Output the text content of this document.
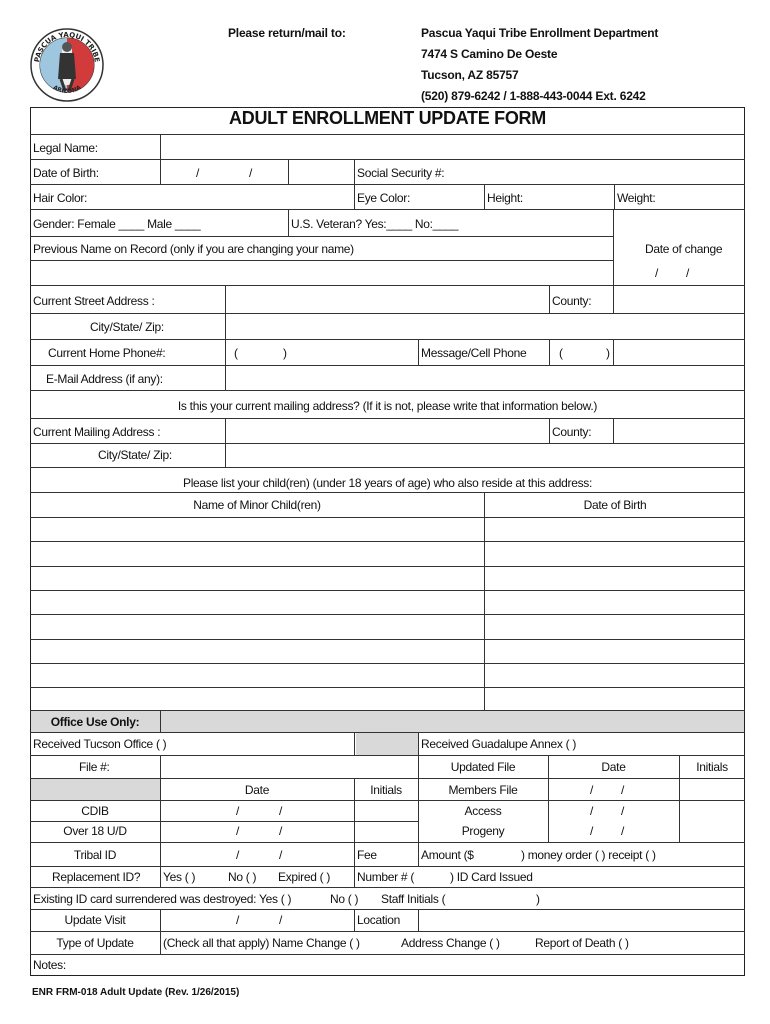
PASCUA YAQUI TRIBE
ARIZONA
Please return/mail to:	Pascua Yaqui Tribe Enrollment Department
7474 S Camino De Oeste
Tucson, AZ 85757
(520) 879-6242 / 1-888-443-0044 Ext. 6242
ADULT ENROLLMENT UPDATE FORM
Legal Name:
Date of Birth:	/	/	Social Security #:
Hair Color:	Eye Color:	Height:	Weight:
Gender: Female ____ Male ____	U.S. Veteran? Yes:____ No:____
Previous Name on Record (only if you are changing your name)	Date of change
/ /
Current Street Address :	County:
City/State/ Zip:
Current Home Phone#:	(	)	Message/Cell Phone	(	)
E-Mail Address (if any):
Is this your current mailing address? (If it is not, please write that information below.)
Current Mailing Address :	County:
City/State/ Zip:
Please list your child(ren) (under 18 years of age) who also reside at this address:
Name of Minor Child(ren)	Date of Birth
Office Use Only:
Received Tucson Office ( )	Received Guadalupe Annex ( )
File #:	Updated File	Date	Initials
Date	Initials	Members File	/ /
CDIB	/	/	Access	/ /
Over 18 U/D	/	/	Progeny	/ /
Tribal ID	/	/	Fee	Amount ($	) money order ( ) receipt ( )
Replacement ID? Yes ( )	No ( ) Expired ( ) Number # (	) ID Card Issued
Existing ID card surrendered was destroyed: Yes ( )	No ( ) Staff Initials (	)
Update Visit	/	/	Location
Type of Update	(Check all that apply) Name Change ( )	Address Change ( )	Report of Death ( )
Notes:
ENR FRM-018 Adult Update (Rev. 1/26/2015)
